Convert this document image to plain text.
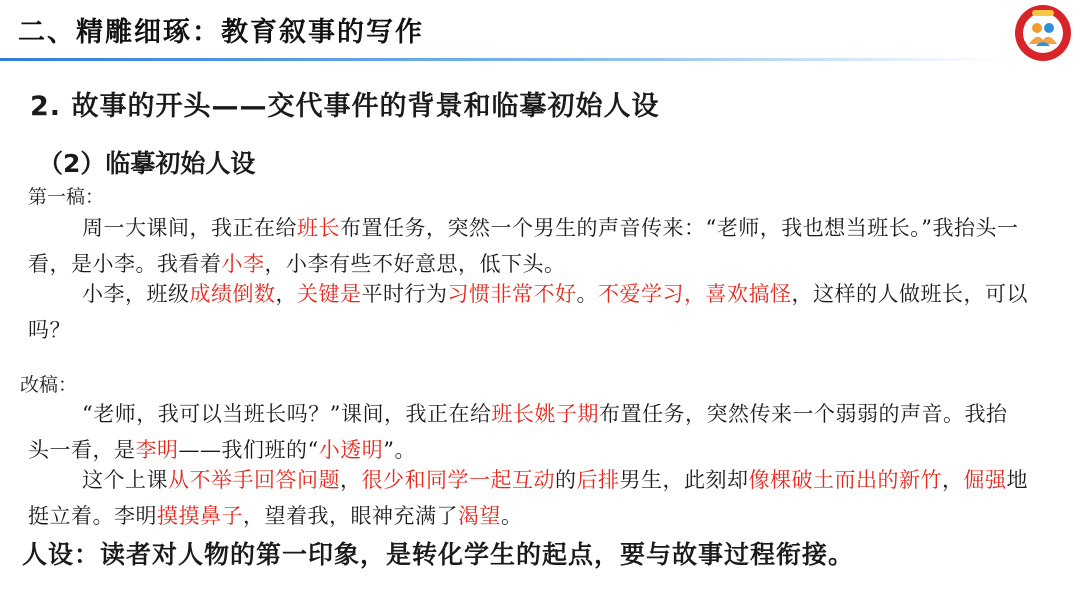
二、精雕细琢：教育叙事的写作
2. 故事的开头——交代事件的背景和临摹初始人设
（2）临摹初始人设
第一稿：
周一大课间，我正在给班长布置任务，突然一个男生的声音传来：“老师，我也想当班长。”我抬头一看，是小李。我看着小李，小李有些不好意思，低下头。
小李，班级成绩倒数，关键是平时行为习惯非常不好。不爱学习，喜欢搞怪，这样的人做班长，可以吗？
改稿：
“老师，我可以当班长吗？”课间，我正在给班长姚子期布置任务，突然传来一个弱弱的声音。我抬头一看，是李明——我们班的“小透明”。
这个上课从不举手回答问题，很少和同学一起互动的后排男生，此刻却像棵破土而出的新竹，倔强地挺立着。李明摸摸鼻子，望着我，眼神充满了渴望。
人设：读者对人物的第一印象，是转化学生的起点，要与故事过程衔接。
